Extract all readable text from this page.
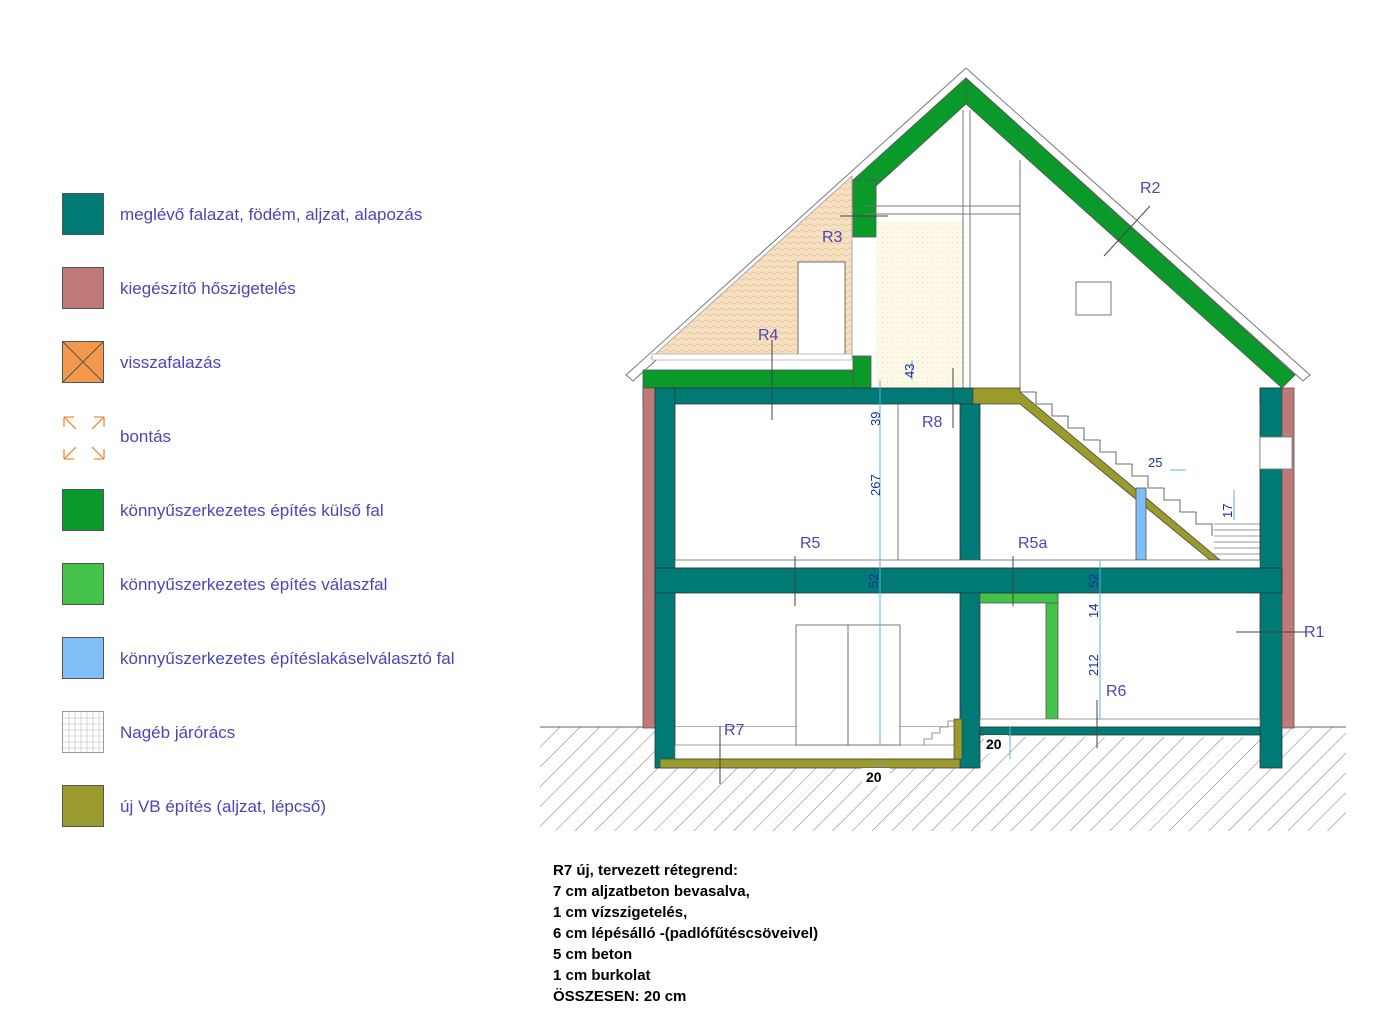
meglévő falazat, födém, aljzat, alapozás
kiegészítő hőszigetelés
visszafalazás
bontás
könnyűszerkezetes építés külső fal
könnyűszerkezetes építés válaszfal
könnyűszerkezetes építéslakáselválasztó fal
Nagéb járórács
új VB építés (aljzat, lépcső)
R1
R2
R3
R4
R5	R5a
R6
R7
R8
43
39
267
52	52
14
212
25
17
20
20
R7 új, tervezett rétegrend:
7 cm aljzatbeton bevasalva,
1 cm vízszigetelés,
6 cm lépésálló -(padlófűtéscsöveivel)
5 cm beton
1 cm burkolat
ÖSSZESEN: 20 cm
